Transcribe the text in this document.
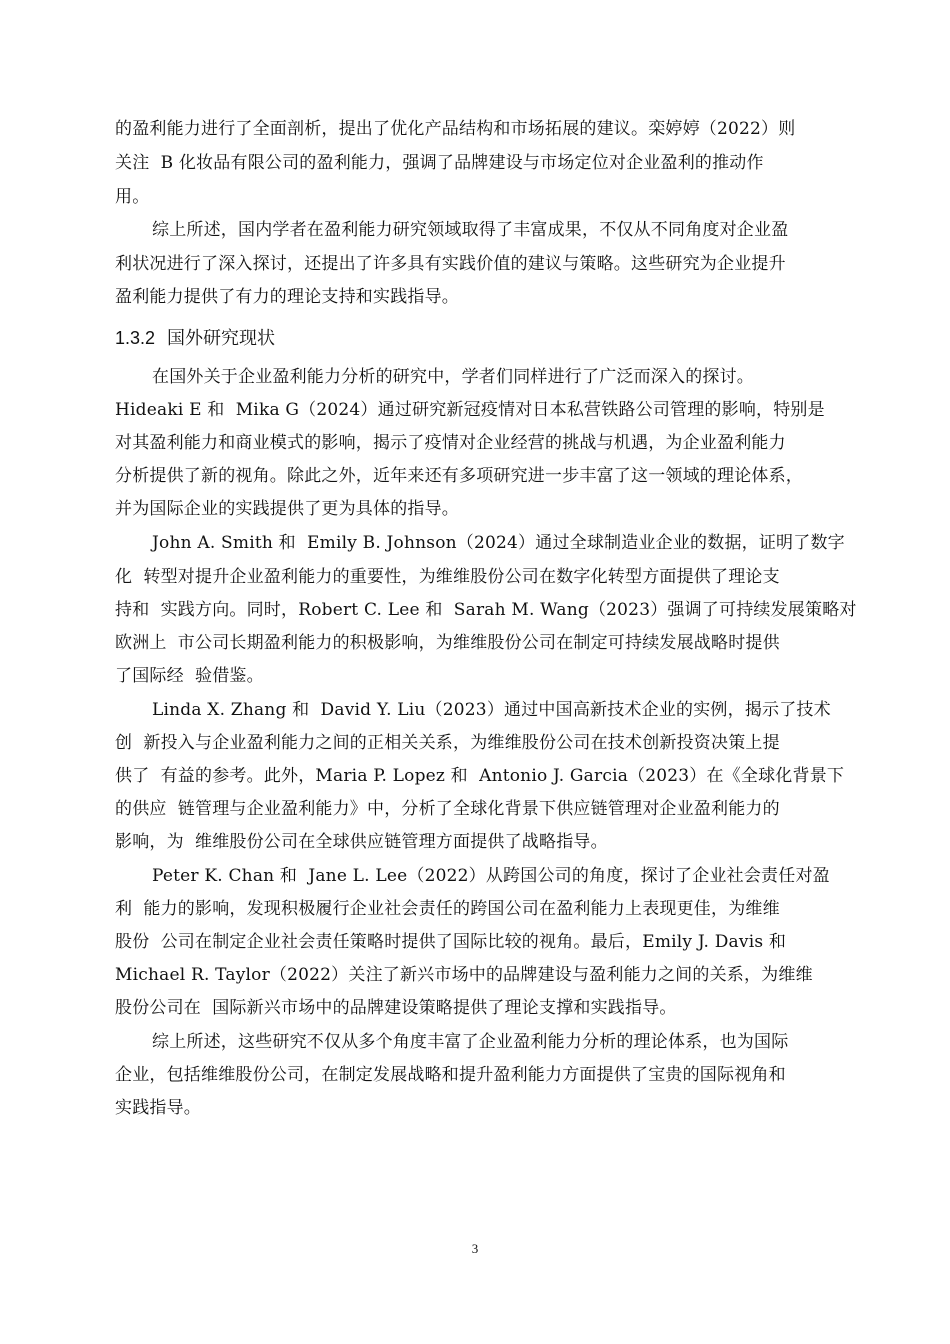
的盈利能力进行了全面剖析，提出了优化产品结构和市场拓展的建议。栾婷婷（2022）则
关注  B 化妆品有限公司的盈利能力，强调了品牌建设与市场定位对企业盈利的推动作
用。
综上所述，国内学者在盈利能力研究领域取得了丰富成果，不仅从不同角度对企业盈
利状况进行了深入探讨，还提出了许多具有实践价值的建议与策略。这些研究为企业提升
盈利能力提供了有力的理论支持和实践指导。
1.3.2 国外研究现状
在国外关于企业盈利能力分析的研究中，学者们同样进行了广泛而深入的探讨。
Hideaki E 和  Mika G（2024）通过研究新冠疫情对日本私营铁路公司管理的影响，特别是
对其盈利能力和商业模式的影响，揭示了疫情对企业经营的挑战与机遇，为企业盈利能力
分析提供了新的视角。除此之外，近年来还有多项研究进一步丰富了这一领域的理论体系，
并为国际企业的实践提供了更为具体的指导。
John A. Smith 和  Emily B. Johnson（2024）通过全球制造业企业的数据，证明了数字
化  转型对提升企业盈利能力的重要性，为维维股份公司在数字化转型方面提供了理论支
持和  实践方向。同时，Robert C. Lee 和  Sarah M. Wang（2023）强调了可持续发展策略对
欧洲上  市公司长期盈利能力的积极影响，为维维股份公司在制定可持续发展战略时提供
了国际经  验借鉴。
Linda X. Zhang 和  David Y. Liu（2023）通过中国高新技术企业的实例，揭示了技术
创  新投入与企业盈利能力之间的正相关关系，为维维股份公司在技术创新投资决策上提
供了  有益的参考。此外，Maria P. Lopez 和  Antonio J. Garcia（2023）在《全球化背景下
的供应  链管理与企业盈利能力》中，分析了全球化背景下供应链管理对企业盈利能力的
影响，为  维维股份公司在全球供应链管理方面提供了战略指导。
Peter K. Chan 和  Jane L. Lee（2022）从跨国公司的角度，探讨了企业社会责任对盈
利  能力的影响，发现积极履行企业社会责任的跨国公司在盈利能力上表现更佳，为维维
股份  公司在制定企业社会责任策略时提供了国际比较的视角。最后，Emily J. Davis 和
Michael R. Taylor（2022）关注了新兴市场中的品牌建设与盈利能力之间的关系，为维维
股份公司在  国际新兴市场中的品牌建设策略提供了理论支撑和实践指导。
综上所述，这些研究不仅从多个角度丰富了企业盈利能力分析的理论体系，也为国际
企业，包括维维股份公司，在制定发展战略和提升盈利能力方面提供了宝贵的国际视角和
实践指导。
3
